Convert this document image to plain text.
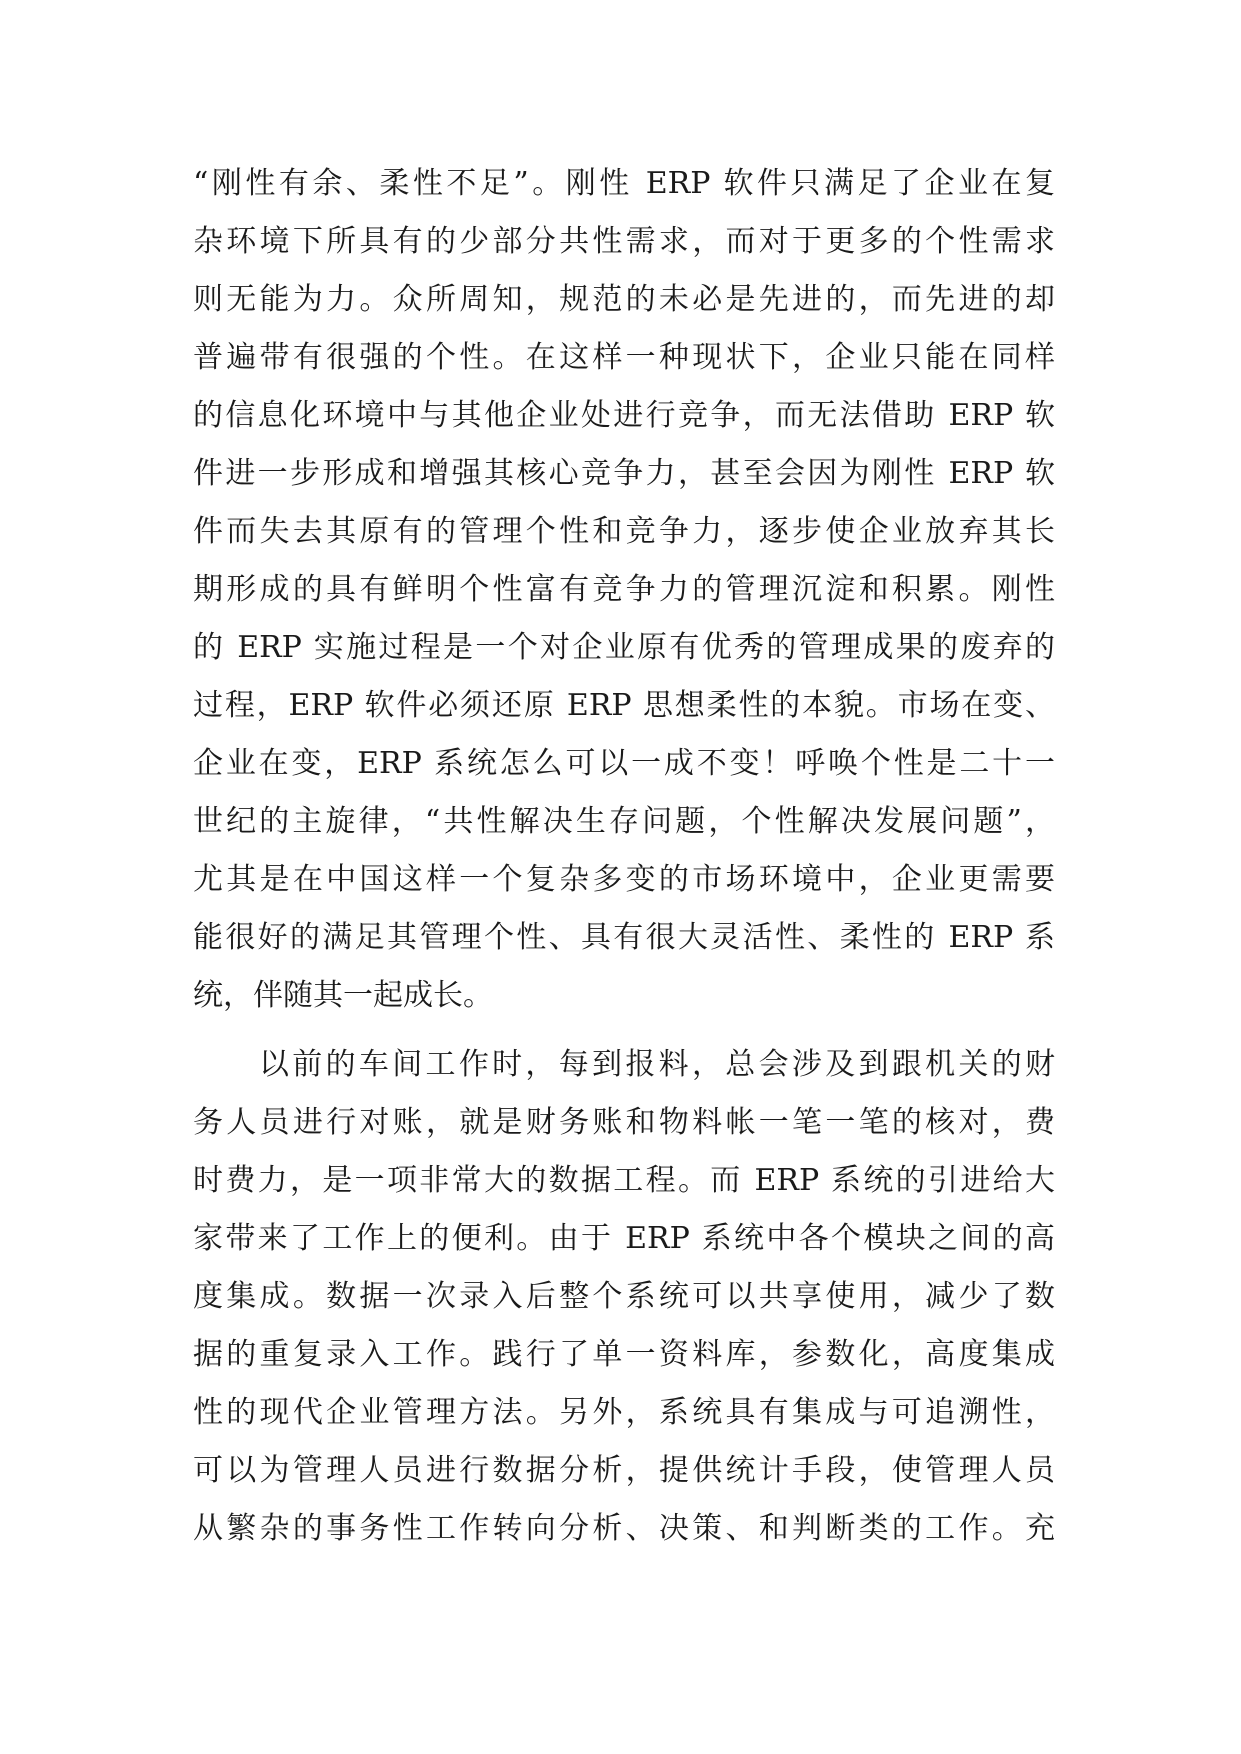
“刚性有余、柔性不足”。刚性 ERP 软件只满足了企业在复
杂环境下所具有的少部分共性需求，而对于更多的个性需求
则无能为力。众所周知，规范的未必是先进的，而先进的却
普遍带有很强的个性。在这样一种现状下，企业只能在同样
的信息化环境中与其他企业处进行竞争，而无法借助 ERP 软
件进一步形成和增强其核心竞争力，甚至会因为刚性 ERP 软
件而失去其原有的管理个性和竞争力，逐步使企业放弃其长
期形成的具有鲜明个性富有竞争力的管理沉淀和积累。刚性
的 ERP 实施过程是一个对企业原有优秀的管理成果的废弃的
过程，ERP 软件必须还原 ERP 思想柔性的本貌。市场在变、
企业在变，ERP 系统怎么可以一成不变！呼唤个性是二十一
世纪的主旋律，“共性解决生存问题，个性解决发展问题”，
尤其是在中国这样一个复杂多变的市场环境中，企业更需要
能很好的满足其管理个性、具有很大灵活性、柔性的 ERP 系
统，伴随其一起成长。
以前的车间工作时，每到报料，总会涉及到跟机关的财
务人员进行对账，就是财务账和物料帐一笔一笔的核对，费
时费力，是一项非常大的数据工程。而 ERP 系统的引进给大
家带来了工作上的便利。由于 ERP 系统中各个模块之间的高
度集成。数据一次录入后整个系统可以共享使用，减少了数
据的重复录入工作。践行了单一资料库，参数化，高度集成
性的现代企业管理方法。另外，系统具有集成与可追溯性，
可以为管理人员进行数据分析，提供统计手段，使管理人员
从繁杂的事务性工作转向分析、决策、和判断类的工作。充
